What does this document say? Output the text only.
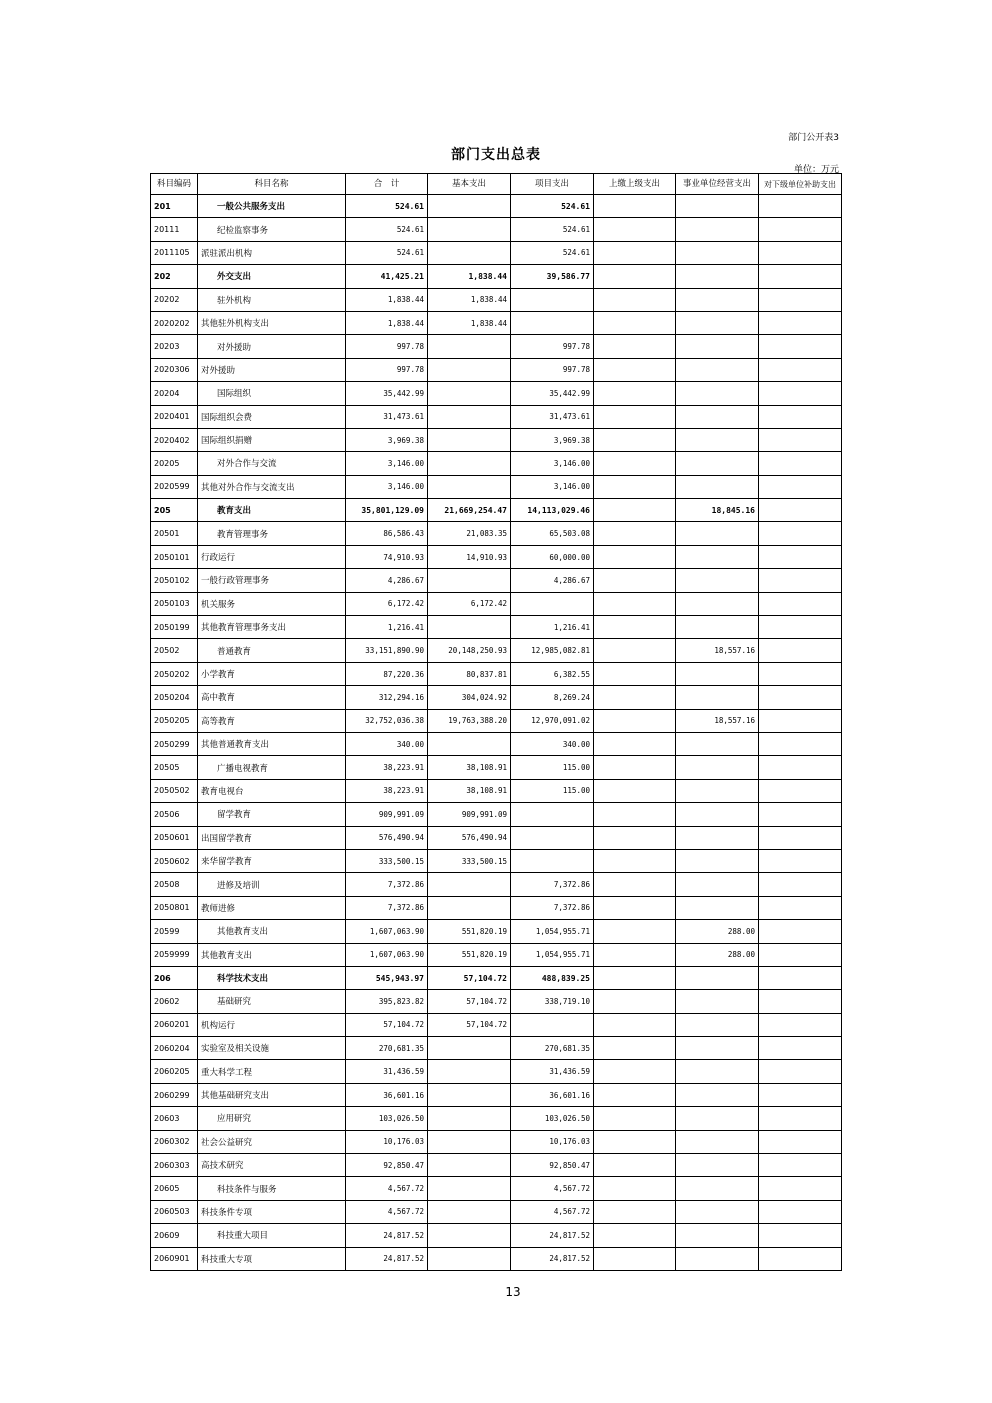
部门公开表3
部门支出总表
单位：万元
科目编码	科目名称	合　计	基本支出	项目支出	上缴上级支出	事业单位经营支出	对下级单位补助支出
201	一般公共服务支出	524.61		524.61			
20111	纪检监察事务	524.61		524.61			
2011105	派驻派出机构	524.61		524.61			
202	外交支出	41,425.21	1,838.44	39,586.77			
20202	驻外机构	1,838.44	1,838.44				
2020202	其他驻外机构支出	1,838.44	1,838.44				
20203	对外援助	997.78		997.78			
2020306	对外援助	997.78		997.78			
20204	国际组织	35,442.99		35,442.99			
2020401	国际组织会费	31,473.61		31,473.61			
2020402	国际组织捐赠	3,969.38		3,969.38			
20205	对外合作与交流	3,146.00		3,146.00			
2020599	其他对外合作与交流支出	3,146.00		3,146.00			
205	教育支出	35,801,129.09	21,669,254.47	14,113,029.46		18,845.16	
20501	教育管理事务	86,586.43	21,083.35	65,503.08			
2050101	行政运行	74,910.93	14,910.93	60,000.00			
2050102	一般行政管理事务	4,286.67		4,286.67			
2050103	机关服务	6,172.42	6,172.42				
2050199	其他教育管理事务支出	1,216.41		1,216.41			
20502	普通教育	33,151,890.90	20,148,250.93	12,985,082.81		18,557.16	
2050202	小学教育	87,220.36	80,837.81	6,382.55			
2050204	高中教育	312,294.16	304,024.92	8,269.24			
2050205	高等教育	32,752,036.38	19,763,388.20	12,970,091.02		18,557.16	
2050299	其他普通教育支出	340.00		340.00			
20505	广播电视教育	38,223.91	38,108.91	115.00			
2050502	教育电视台	38,223.91	38,108.91	115.00			
20506	留学教育	909,991.09	909,991.09				
2050601	出国留学教育	576,490.94	576,490.94				
2050602	来华留学教育	333,500.15	333,500.15				
20508	进修及培训	7,372.86		7,372.86			
2050801	教师进修	7,372.86		7,372.86			
20599	其他教育支出	1,607,063.90	551,820.19	1,054,955.71		288.00	
2059999	其他教育支出	1,607,063.90	551,820.19	1,054,955.71		288.00	
206	科学技术支出	545,943.97	57,104.72	488,839.25			
20602	基础研究	395,823.82	57,104.72	338,719.10			
2060201	机构运行	57,104.72	57,104.72				
2060204	实验室及相关设施	270,681.35		270,681.35			
2060205	重大科学工程	31,436.59		31,436.59			
2060299	其他基础研究支出	36,601.16		36,601.16			
20603	应用研究	103,026.50		103,026.50			
2060302	社会公益研究	10,176.03		10,176.03			
2060303	高技术研究	92,850.47		92,850.47			
20605	科技条件与服务	4,567.72		4,567.72			
2060503	科技条件专项	4,567.72		4,567.72			
20609	科技重大项目	24,817.52		24,817.52			
2060901	科技重大专项	24,817.52		24,817.52			
13
